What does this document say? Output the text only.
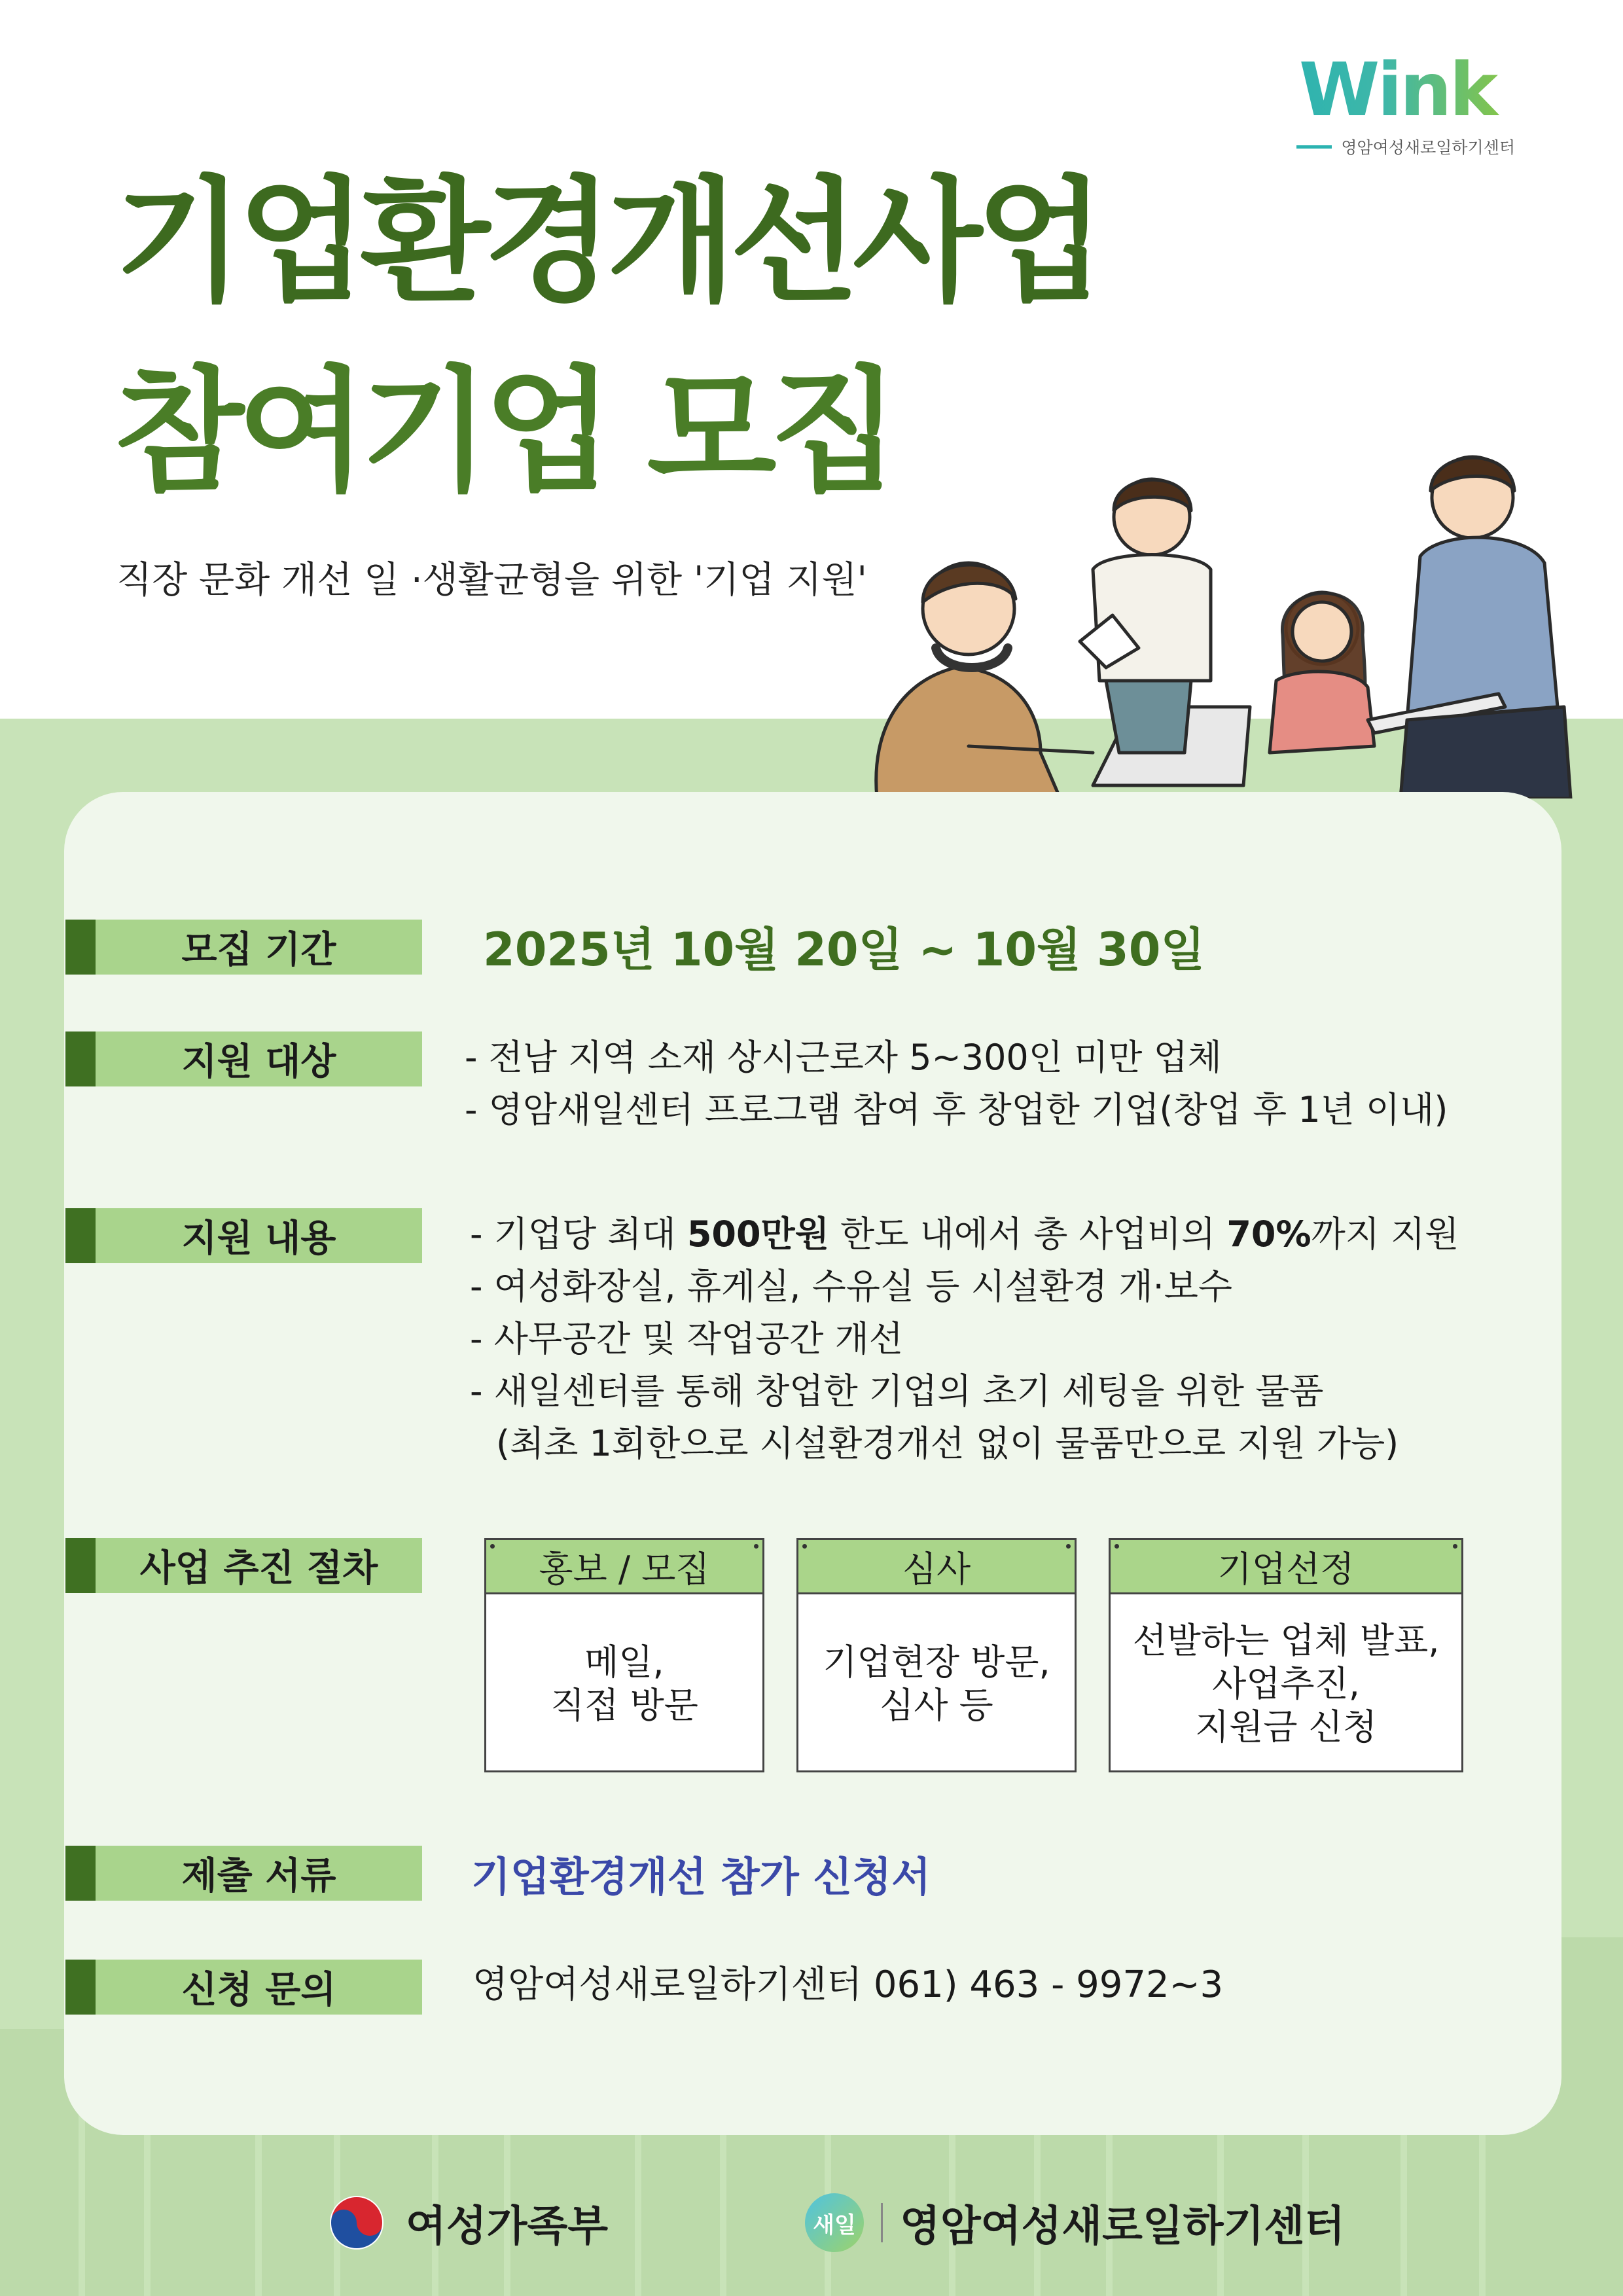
Wink
영암여성새로일하기센터
기업환경개선사업
참여기업 모집
직장 문화 개선 일 ·생활균형을 위한 '기업 지원'
모집 기간	2025년 10월 20일 ~ 10월 30일
지원 대상	- 전남 지역 소재 상시근로자 5~300인 미만 업체
- 영암새일센터 프로그램 참여 후 창업한 기업(창업 후 1년 이내)
지원 내용	- 기업당 최대 500만원 한도 내에서 총 사업비의 70%까지 지원
- 여성화장실, 휴게실, 수유실 등 시설환경 개·보수
- 사무공간 및 작업공간 개선
- 새일센터를 통해 창업한 기업의 초기 세팅을 위한 물품
(최초 1회한으로 시설환경개선 없이 물품만으로 지원 가능)
사업 추진 절차	홍보 / 모집
메일,
직접 방문
심사
기업현장 방문,
심사 등
기업선정
선발하는 업체 발표,
사업추진,
지원금 신청
제출 서류	기업환경개선 참가 신청서
신청 문의	영암여성새로일하기센터 061) 463 - 9972~3
여성가족부	새일 영암여성새로일하기센터
